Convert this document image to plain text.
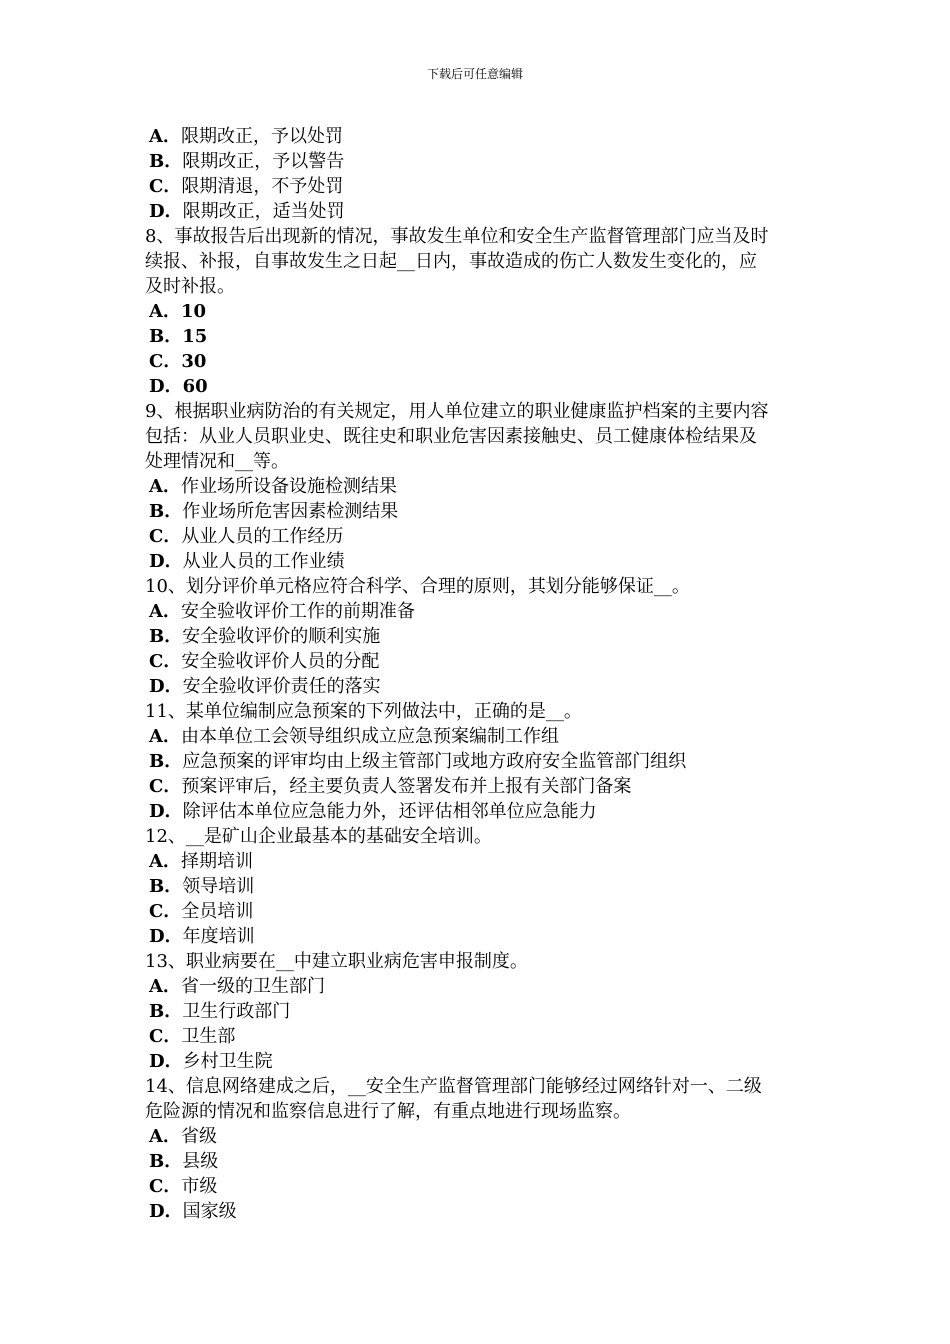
下载后可任意编辑
A．限期改正，予以处罚
B．限期改正，予以警告
C．限期清退，不予处罚
D．限期改正，适当处罚
8、事故报告后出现新的情况，事故发生单位和安全生产监督管理部门应当及时
续报、补报，自事故发生之日起__日内，事故造成的伤亡人数发生变化的，应
及时补报。
A．10
B．15
C．30
D．60
9、根据职业病防治的有关规定，用人单位建立的职业健康监护档案的主要内容
包括：从业人员职业史、既往史和职业危害因素接触史、员工健康体检结果及
处理情况和__等。
A．作业场所设备设施检测结果
B．作业场所危害因素检测结果
C．从业人员的工作经历
D．从业人员的工作业绩
10、划分评价单元格应符合科学、合理的原则，其划分能够保证__。
A．安全验收评价工作的前期准备
B．安全验收评价的顺利实施
C．安全验收评价人员的分配
D．安全验收评价责任的落实
11、某单位编制应急预案的下列做法中，正确的是__。
A．由本单位工会领导组织成立应急预案编制工作组
B．应急预案的评审均由上级主管部门或地方政府安全监管部门组织
C．预案评审后，经主要负责人签署发布并上报有关部门备案
D．除评估本单位应急能力外，还评估相邻单位应急能力
12、__是矿山企业最基本的基础安全培训。
A．择期培训
B．领导培训
C．全员培训
D．年度培训
13、职业病要在__中建立职业病危害申报制度。
A．省一级的卫生部门
B．卫生行政部门
C．卫生部
D．乡村卫生院
14、信息网络建成之后，__安全生产监督管理部门能够经过网络针对一、二级
危险源的情况和监察信息进行了解，有重点地进行现场监察。
A．省级
B．县级
C．市级
D．国家级
